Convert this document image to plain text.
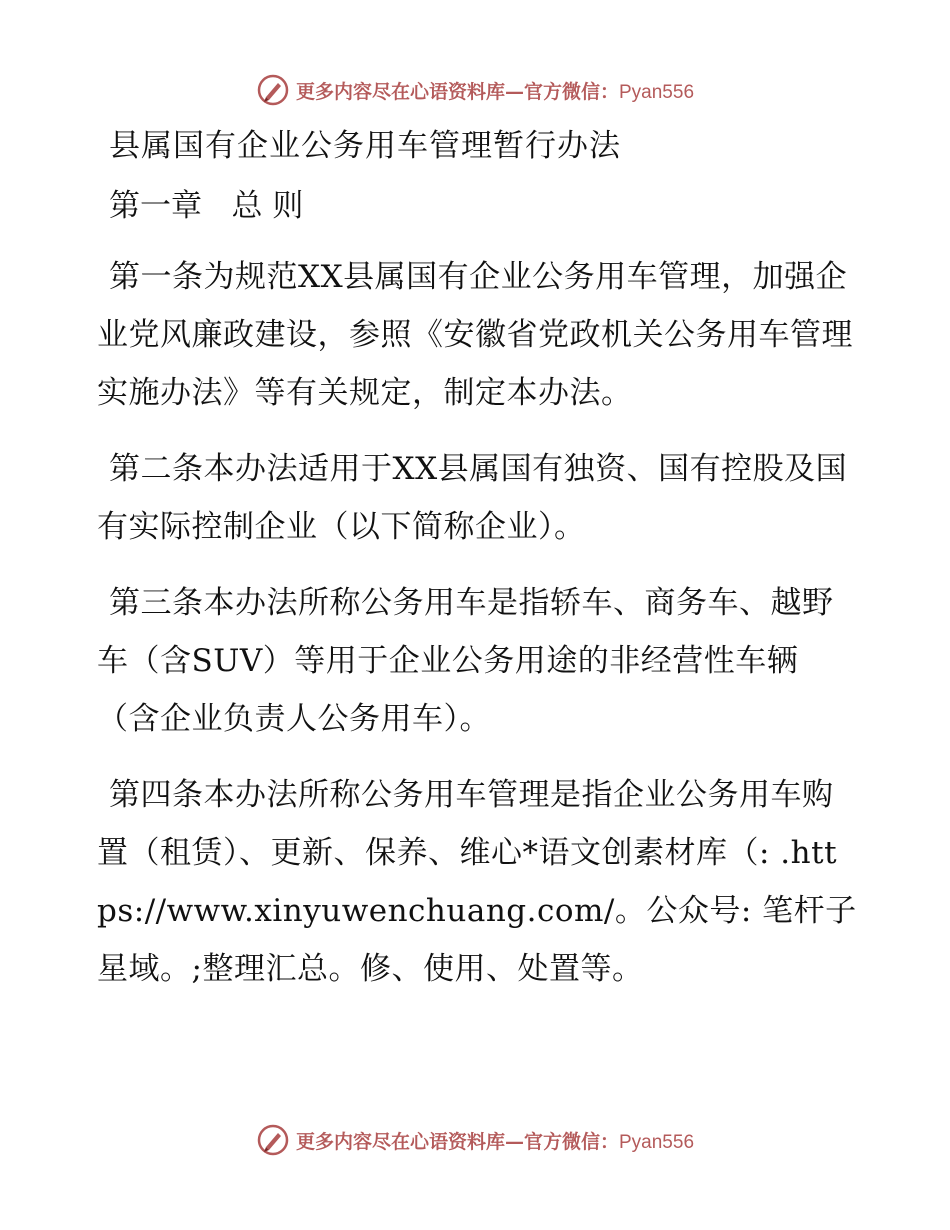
更多内容尽在心语资料库—官方微信：Pyan556
县属国有企业公务用车管理暂行办法

第一章   总 则

第一条为规范XX县属国有企业公务用车管理，加强企业党风廉政建设，参照《安徽省党政机关公务用车管理实施办法》等有关规定，制定本办法。

第二条本办法适用于XX县属国有独资、国有控股及国有实际控制企业（以下简称企业）。

第三条本办法所称公务用车是指轿车、商务车、越野车（含SUV）等用于企业公务用途的非经营性车辆（含企业负责人公务用车）。

第四条本办法所称公务用车管理是指企业公务用车购置（租赁）、更新、保养、维心*语文创素材库（: .https://www.xinyuwenchuang.com/。公众号: 笔杆子星域。;整理汇总。修、使用、处置等。

更多内容尽在心语资料库—官方微信：Pyan556
